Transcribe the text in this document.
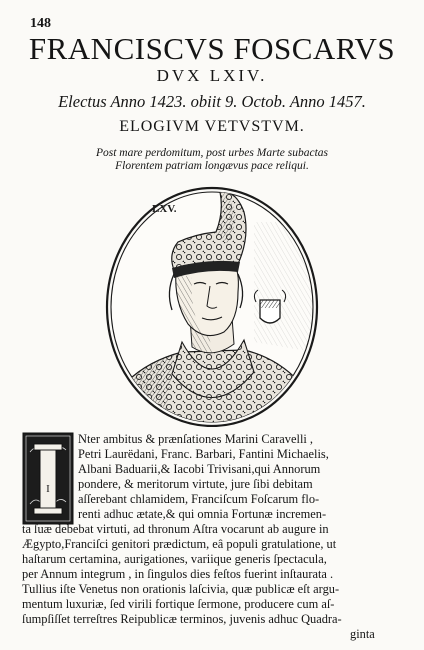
148
FRANCISCVS FOSCARVS
DVX LXIV.
Electus Anno 1423. obiit 9. Octob. Anno 1457.
ELOGIVM VETVSTVM.
Post mare perdomitum, post urbes Marte subactas
Florentem patriam longævus pace reliqui.
LXV.
I
Nter ambitus & prænſationes Marini Caravelli ,
Petri Laurëdani, Franc. Barbari, Fantini Michaelis,
Albani Baduarii,& Iacobi Trivisani,qui Annorum
pondere, & meritorum virtute, jure ſibi debitam
aſſerebant chlamidem, Franciſcum Foſcarum flo-
renti adhuc ætate,& qui omnia Fortunæ incremen-
ta ſuæ debebat virtuti, ad thronum Aſtra vocarunt ab augure in
Ægypto,Franciſci genitori prædictum, eâ populi gratulatione, ut
haſtarum certamina, aurigationes, variique generis ſpectacula,
per Annum integrum , in ſingulos dies feſtos fuerint inſtaurata .
Tullius iſte Venetus non orationis laſcivia, quæ publicæ eſt argu-
mentum luxuriæ, ſed virili fortique ſermone, producere cum aſ-
ſumpſiſſet terreſtres Reipublicæ terminos, juvenis adhuc Quadra-
ginta
